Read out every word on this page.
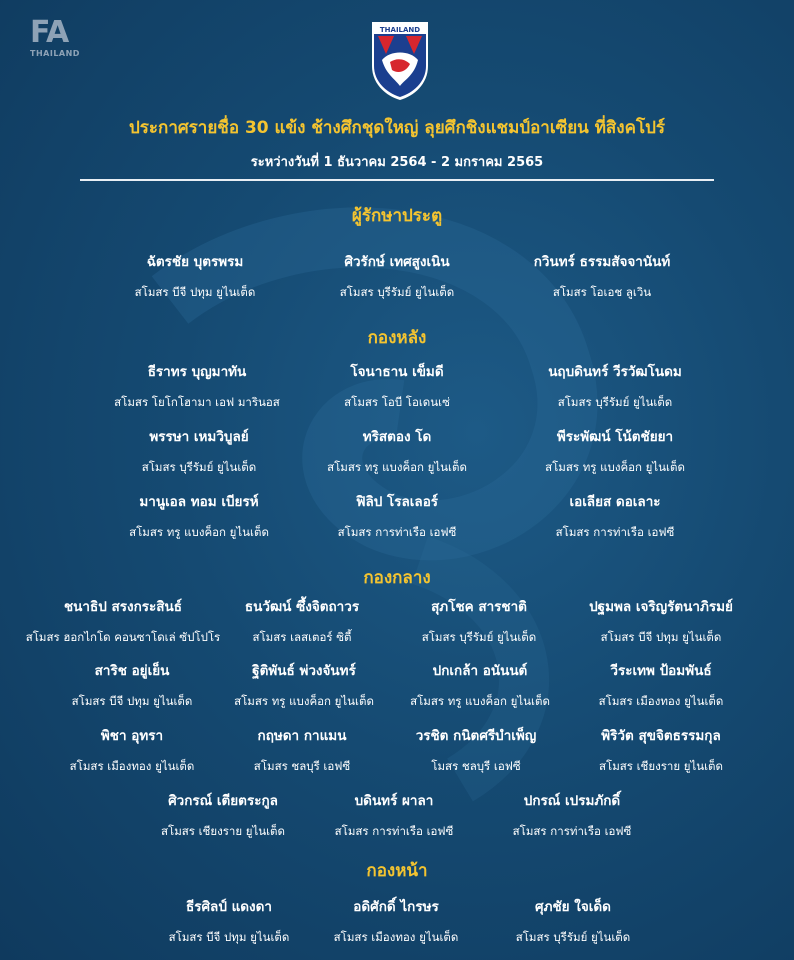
FA
THAILAND
THAILAND
ประกาศรายชื่อ 30 แข้ง ช้างศึกชุดใหญ่ ลุยศึกชิงแชมป์อาเซียน ที่สิงคโปร์
ระหว่างวันที่ 1 ธันวาคม 2564 - 2 มกราคม 2565
ผู้รักษาประตู
ฉัตรชัย บุตรพรม
สโมสร บีจี ปทุม ยูไนเต็ด
ศิวรักษ์ เทศสูงเนิน
สโมสร บุรีรัมย์ ยูไนเต็ด
กวินทร์ ธรรมสัจจานันท์
สโมสร โอเอช ลูเวิน
กองหลัง
ธีราทร บุญมาทัน
สโมสร โยโกโฮามา เอฟ มารินอส
โจนาธาน เข็มดี
สโมสร โอบี โอเดนเซ่
นฤบดินทร์ วีรวัฒโนดม
สโมสร บุรีรัมย์ ยูไนเต็ด
พรรษา เหมวิบูลย์
สโมสร บุรีรัมย์ ยูไนเต็ด
ทริสตอง โด
สโมสร ทรู แบงค็อก ยูไนเต็ด
พีระพัฒน์ โน้ตชัยยา
สโมสร ทรู แบงค็อก ยูไนเต็ด
มานูเอล ทอม เบียรห์
สโมสร ทรู แบงค็อก ยูไนเต็ด
ฟิลิป โรลเลอร์
สโมสร การท่าเรือ เอฟซี
เอเลียส ดอเลาะ
สโมสร การท่าเรือ เอฟซี
กองกลาง
ชนาธิป สรงกระสินธ์
สโมสร ฮอกไกโด คอนซาโดเล่ ซัปโปโร
ธนวัฒน์ ซึ้งจิตถาวร
สโมสร เลสเตอร์ ซิตี้
สุภโชค สารชาติ
สโมสร บุรีรัมย์ ยูไนเต็ด
ปฐมพล เจริญรัตนาภิรมย์
สโมสร บีจี ปทุม ยูไนเต็ด
สาริช อยู่เย็น
สโมสร บีจี ปทุม ยูไนเต็ด
ฐิติพันธ์ พ่วงจันทร์
สโมสร ทรู แบงค็อก ยูไนเต็ด
ปกเกล้า อนันนต์
สโมสร ทรู แบงค็อก ยูไนเต็ด
วีระเทพ ป้อมพันธ์
สโมสร เมืองทอง ยูไนเต็ด
พิชา อุทรา
สโมสร เมืองทอง ยูไนเต็ด
กฤษดา กาแมน
สโมสร ชลบุรี เอฟซี
วรชิต กนิตศรีบำเพ็ญ
โมสร ชลบุรี เอฟซี
พิริวัต สุขจิตธรรมกุล
สโมสร เชียงราย ยูไนเต็ด
ศิวกรณ์ เตียตระกูล
สโมสร เชียงราย ยูไนเต็ด
บดินทร์ ผาลา
สโมสร การท่าเรือ เอฟซี
ปกรณ์ เปรมภักดิ์
สโมสร การท่าเรือ เอฟซี
กองหน้า
ธีรศิลป์ แดงดา
สโมสร บีจี ปทุม ยูไนเต็ด
อดิศักดิ์ ไกรษร
สโมสร เมืองทอง ยูไนเต็ด
ศุภชัย ใจเด็ด
สโมสร บุรีรัมย์ ยูไนเต็ด
